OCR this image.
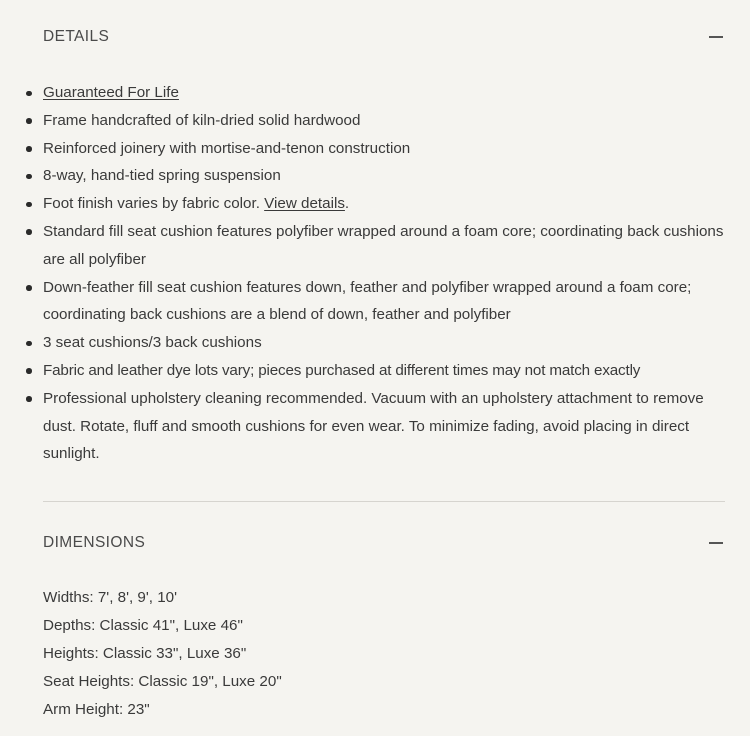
DETAILS
Guaranteed For Life
Frame handcrafted of kiln-dried solid hardwood
Reinforced joinery with mortise-and-tenon construction
8-way, hand-tied spring suspension
Foot finish varies by fabric color. View details.
Standard fill seat cushion features polyfiber wrapped around a foam core; coordinating back cushions are all polyfiber
Down-feather fill seat cushion features down, feather and polyfiber wrapped around a foam core; coordinating back cushions are a blend of down, feather and polyfiber
3 seat cushions/3 back cushions
Fabric and leather dye lots vary; pieces purchased at different times may not match exactly
Professional upholstery cleaning recommended. Vacuum with an upholstery attachment to remove dust. Rotate, fluff and smooth cushions for even wear. To minimize fading, avoid placing in direct sunlight.
DIMENSIONS
Widths: 7', 8', 9', 10'
Depths: Classic 41", Luxe 46"
Heights: Classic 33", Luxe 36"
Seat Heights: Classic 19", Luxe 20"
Arm Height: 23"
